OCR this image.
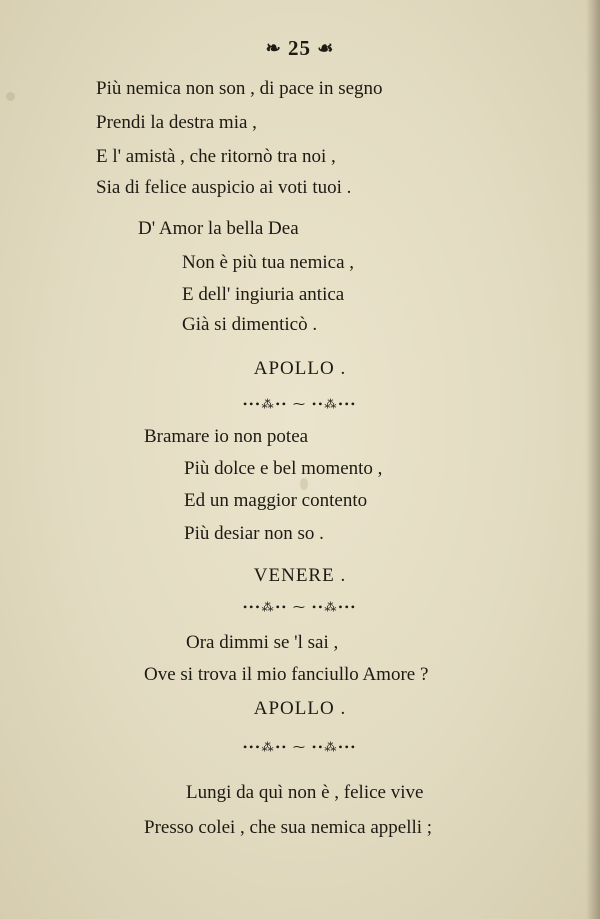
❧ 25 ☙
Più nemica non son , di pace in segno
Prendi la destra mia ,
E l' amistà , che ritornò tra noi ,
Sia di felice auspicio ai voti tuoi .
D' Amor la bella Dea
Non è più tua nemica ,
E dell' ingiuria antica
Già si dimenticò .
APOLLO .
•••⁂•• ⁓ ••⁂•••
Bramare io non potea
Più dolce e bel momento ,
Ed un maggior contento
Più desiar non so .
VENERE .
•••⁂•• ⁓ ••⁂•••
Ora dimmi se 'l sai ,
Ove si trova il mio fanciullo Amore ?
APOLLO .
•••⁂•• ⁓ ••⁂•••
Lungi da quì non è , felice vive
Presso colei , che sua nemica appelli ;
